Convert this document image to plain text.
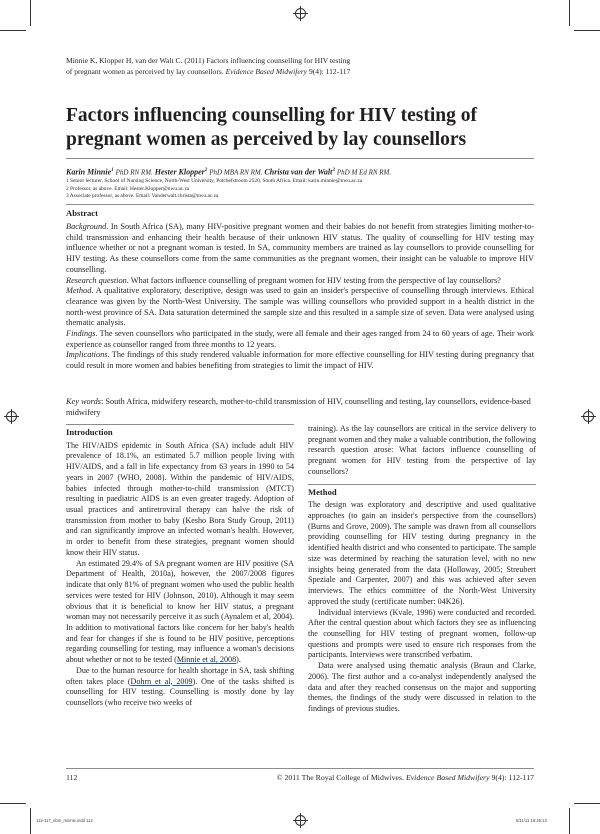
Minnie K, Klopper H, van der Walt C. (2011) Factors influencing counselling for HIV testing
of pregnant women as perceived by lay counsellors. Evidence Based Midwifery 9(4): 112-117
Factors influencing counselling for HIV testing of pregnant women as perceived by lay counsellors
Karin Minnie$^1$ PhD RN RM. Hester Klopper$^2$ PhD MBA RN RM. Christa van der Walt$^3$ PhD M Ed RN RM.
1 Senior lecturer, School of Nursing Science, North-West University, Potchefstroom 2520, South Africa. Email: karin.minnie@nwu.ac.za
2 Professor, as above. Email: Hester.Klopper@nwu.ac.za
3 Associate professor, as above. Email: Vanderwalt.christa@nwu.ac.za
Abstract

Background. In South Africa (SA), many HIV-positive pregnant women and their babies do not benefit from strategies limiting mother-to-child transmission and enhancing their health because of their unknown HIV status. The quality of counselling for HIV testing may influence whether or not a pregnant woman is tested. In SA, community members are trained as lay counsellors to provide counselling for HIV testing. As these counsellors come from the same communities as the pregnant women, their insight can be valuable to improve HIV counselling.

Research question. What factors influence counselling of pregnant women for HIV testing from the perspective of lay counsellors?

Method. A qualitative exploratory, descriptive, design was used to gain an insider's perspective of counselling through interviews. Ethical clearance was given by the North-West University. The sample was willing counsellors who provided support in a health district in the north-west province of SA. Data saturation determined the sample size and this resulted in a sample size of seven. Data were analysed using thematic analysis.

Findings. The seven counsellors who participated in the study, were all female and their ages ranged from 24 to 60 years of age. Their work experience as counsellor ranged from three months to 12 years.

Implications. The findings of this study rendered valuable information for more effective counselling for HIV testing during pregnancy that could result in more women and babies benefiting from strategies to limit the impact of HIV.

Key words: South Africa, midwifery research, mother-to-child transmission of HIV, counselling and testing, lay counsellors, evidence-based midwifery
Introduction

The HIV/AIDS epidemic in South Africa (SA) include adult HIV prevalence of 18.1%, an estimated 5.7 million people living with HIV/AIDS, and a fall in life expectancy from 63 years in 1990 to 54 years in 2007 (WHO, 2008). Within the pandemic of HIV/AIDS, babies infected through mother-to-child transmission (MTCT) resulting in paediatric AIDS is an even greater tragedy. Adoption of usual practices and antiretroviral therapy can halve the risk of transmission from mother to baby (Kesho Bora Study Group, 2011) and can significantly improve an infected woman's health. However, in order to benefit from these strategies, pregnant women should know their HIV status.

An estimated 29.4% of SA pregnant women are HIV positive (SA Department of Health, 2010a), however, the 2007/2008 figures indicate that only 81% of pregnant women who used the public health services were tested for HIV (Johnson, 2010). Although it may seem obvious that it is beneficial to know her HIV status, a pregnant woman may not necessarily perceive it as such (Aynalem et al, 2004). In addition to motivational factors like concern for her baby's health and fear for changes if she is found to be HIV positive, perceptions regarding counselling for testing, may influence a woman's decisions about whether or not to be tested (Minnie et al, 2008).

Due to the human resource for health shortage in SA, task shifting often takes place (Dohrn et al, 2009). One of the tasks shifted is counselling for HIV testing. Counselling is mostly done by lay counsellors (who receive two weeks of

training). As the lay counsellors are critical in the service delivery to pregnant women and they make a valuable contribution, the following research question arose: What factors influence counselling of pregnant women for HIV testing from the perspective of lay counsellors?

Method

The design was exploratory and descriptive and used qualitative approaches (to gain an insider's perspective from the counsellors) (Burns and Grove, 2009). The sample was drawn from all counsellors providing counselling for HIV testing during pregnancy in the identified health district and who consented to participate. The sample size was determined by reaching the saturation level, with no new insights being generated from the data (Holloway, 2005; Streubert Speziale and Carpenter, 2007) and this was achieved after seven interviews. The ethics committee of the North-West University approved the study (certificate number: 04K26).

Individual interviews (Kvale, 1996) were conducted and recorded. After the central question about which factors they see as influencing the counselling for HIV testing of pregnant women, follow-up questions and prompts were used to ensure rich responses from the participants. Interviews were transcribed verbatim.

Data were analysed using thematic analysis (Braun and Clarke, 2006). The first author and a co-analyst independently analysed the data and after they reached consensus on the major and supporting themes, the findings of the study were discussed in relation to the findings of previous studies.

112	© 2011 The Royal College of Midwives. Evidence Based Midwifery 9(4): 112-117
112-117_ebm_minnie.indd 112	5/11/11 16:25:13
